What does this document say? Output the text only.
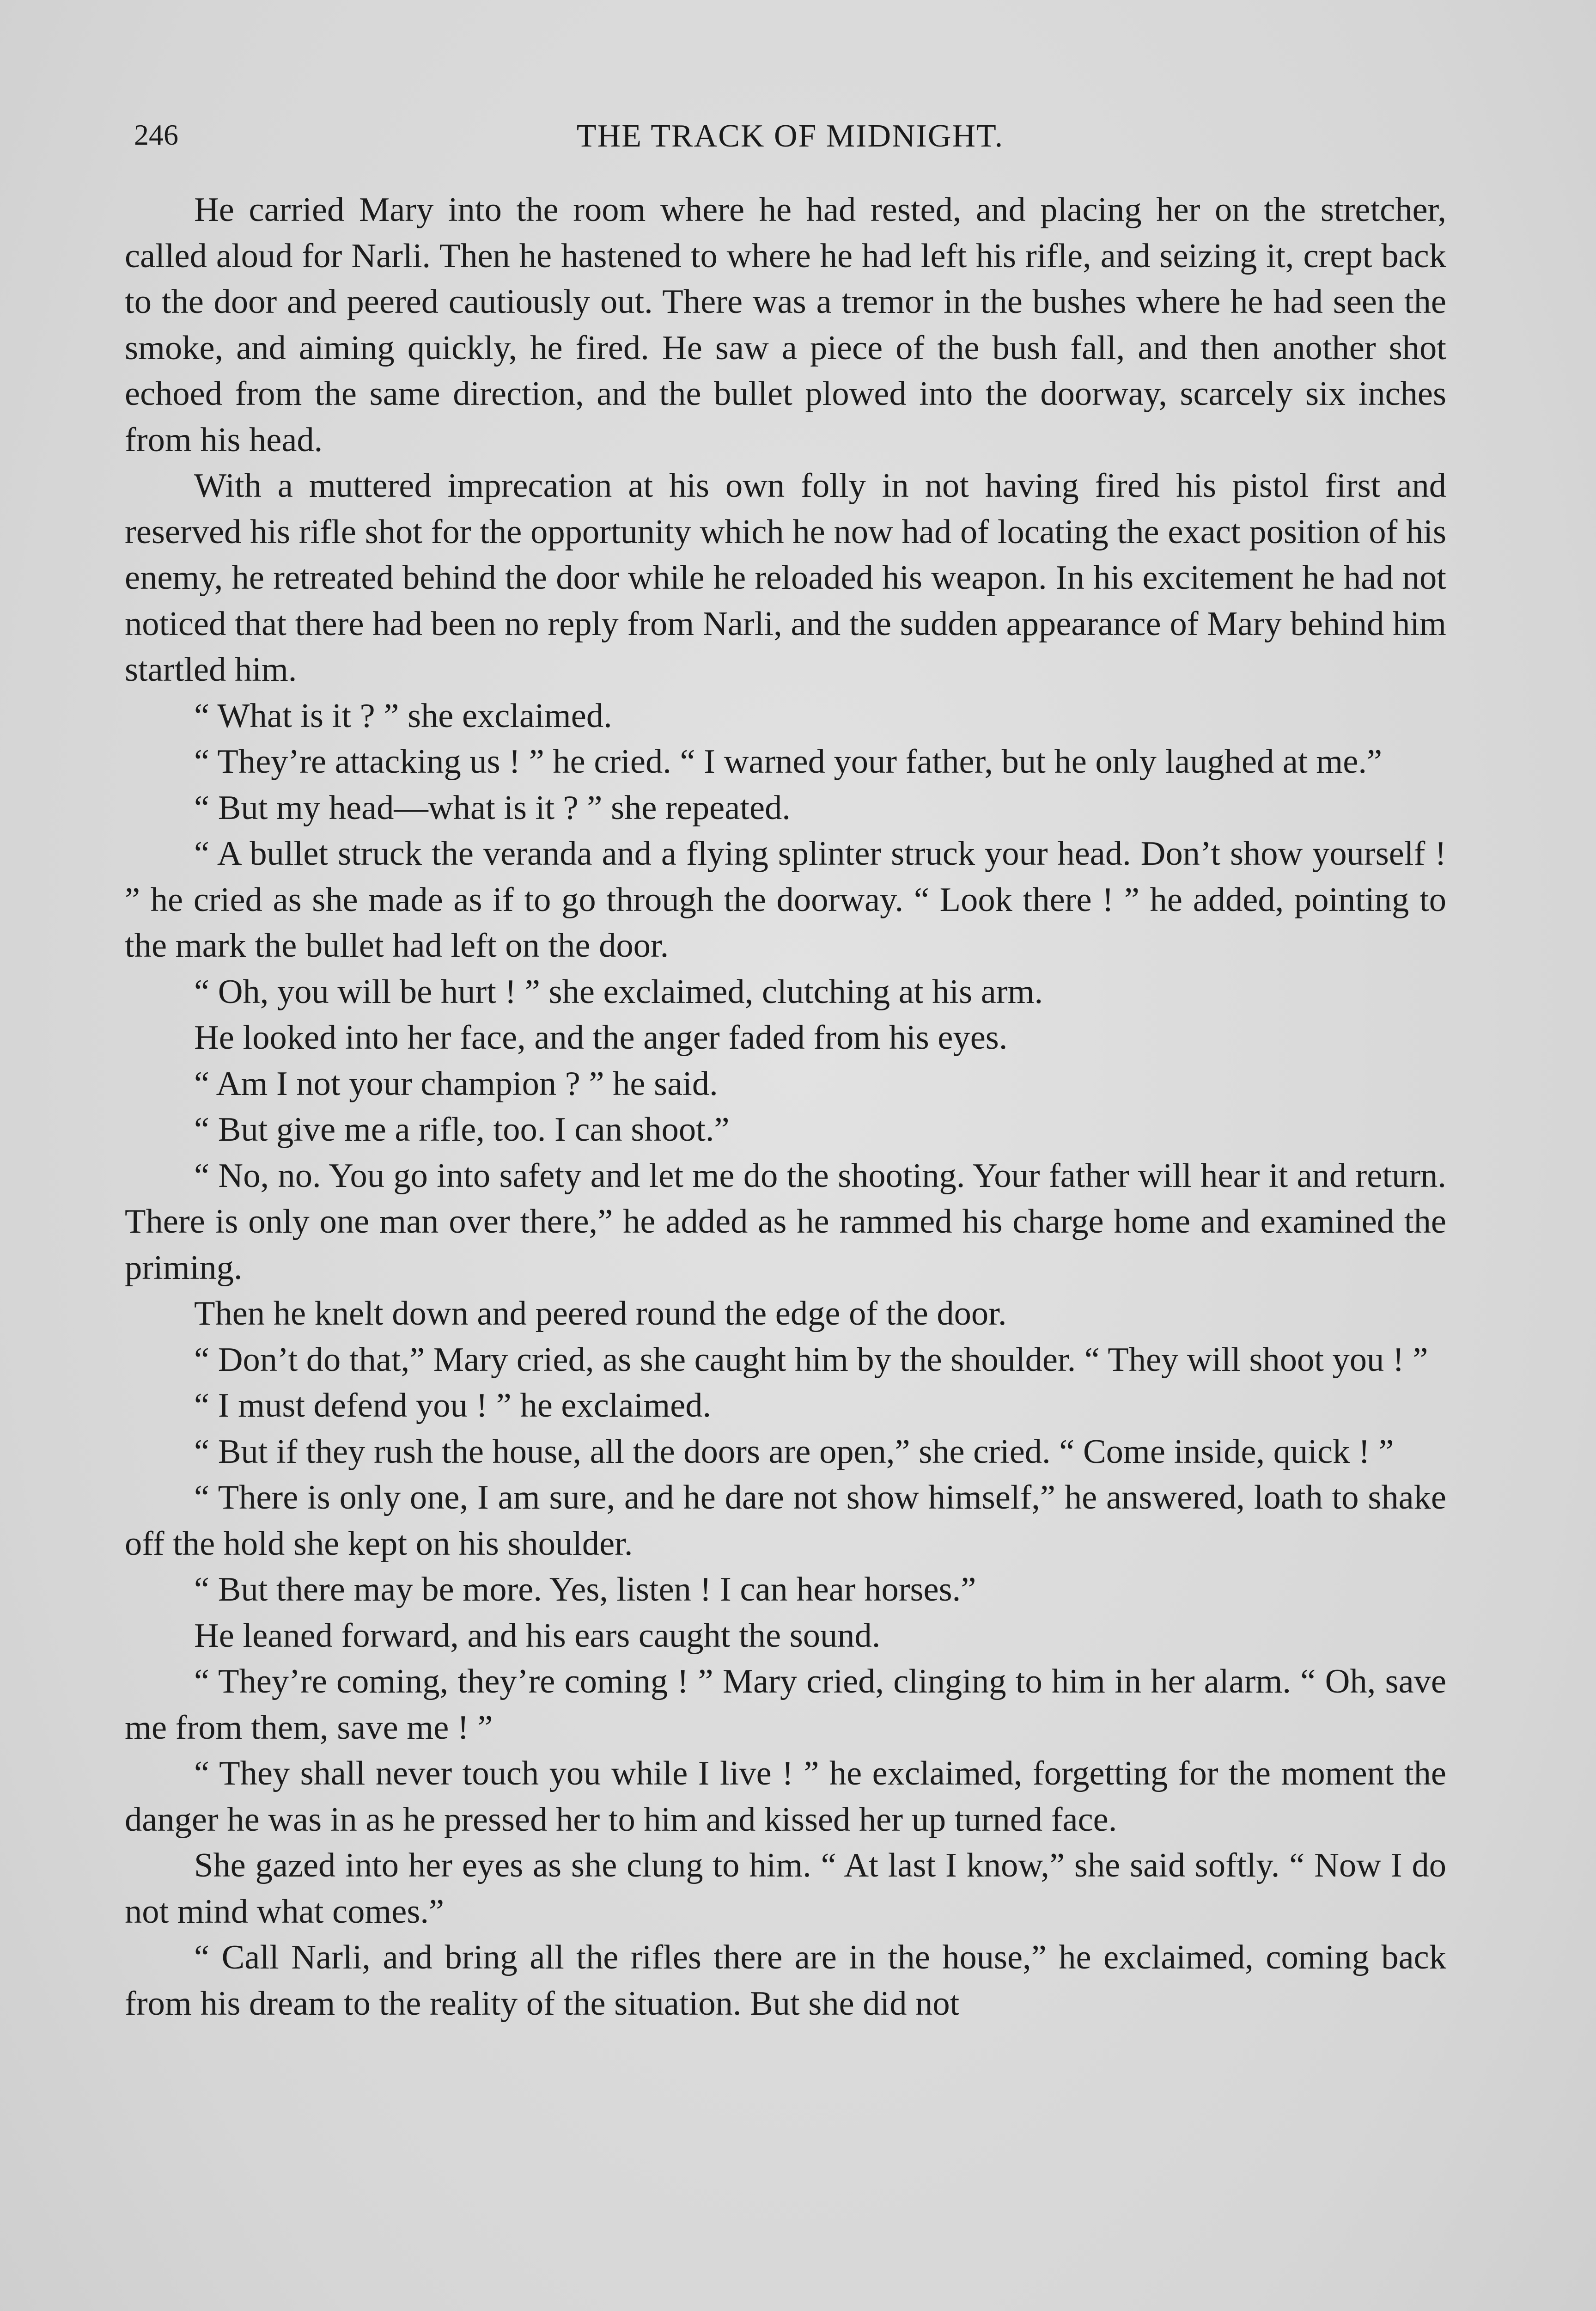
246	THE TRACK OF MIDNIGHT.

He carried Mary into the room where he had rested, and placing her on the stretcher, called aloud for Narli. Then he hastened to where he had left his rifle, and seizing it, crept back to the door and peered cautiously out. There was a tremor in the bushes where he had seen the smoke, and aiming quickly, he fired. He saw a piece of the bush fall, and then another shot echoed from the same direction, and the bullet plowed into the doorway, scarcely six inches from his head.

With a muttered imprecation at his own folly in not having fired his pistol first and reserved his rifle shot for the opportunity which he now had of locating the exact position of his enemy, he retreated behind the door while he reloaded his weapon. In his excitement he had not noticed that there had been no reply from Narli, and the sudden appearance of Mary behind him startled him.

“ What is it ? ” she exclaimed.

“ They’re attacking us ! ” he cried. “ I warned your father, but he only laughed at me.”

“ But my head—what is it ? ” she repeated.

“ A bullet struck the veranda and a flying splinter struck your head. Don’t show yourself ! ” he cried as she made as if to go through the doorway. “ Look there ! ” he added, pointing to the mark the bullet had left on the door.

“ Oh, you will be hurt ! ” she exclaimed, clutching at his arm.

He looked into her face, and the anger faded from his eyes.

“ Am I not your champion ? ” he said.

“ But give me a rifle, too. I can shoot.”

“ No, no. You go into safety and let me do the shooting. Your father will hear it and return. There is only one man over there,” he added as he rammed his charge home and examined the priming.

Then he knelt down and peered round the edge of the door.

“ Don’t do that,” Mary cried, as she caught him by the shoulder. “ They will shoot you ! ”

“ I must defend you ! ” he exclaimed.

“ But if they rush the house, all the doors are open,” she cried. “ Come inside, quick ! ”

“ There is only one, I am sure, and he dare not show himself,” he answered, loath to shake off the hold she kept on his shoulder.

“ But there may be more. Yes, listen ! I can hear horses.”

He leaned forward, and his ears caught the sound.

“ They’re coming, they’re coming ! ” Mary cried, clinging to him in her alarm. “ Oh, save me from them, save me ! ”

“ They shall never touch you while I live ! ” he exclaimed, forgetting for the moment the danger he was in as he pressed her to him and kissed her up turned face.

She gazed into her eyes as she clung to him. “ At last I know,” she said softly. “ Now I do not mind what comes.”

“ Call Narli, and bring all the rifles there are in the house,” he exclaimed, coming back from his dream to the reality of the situation. But she did not
